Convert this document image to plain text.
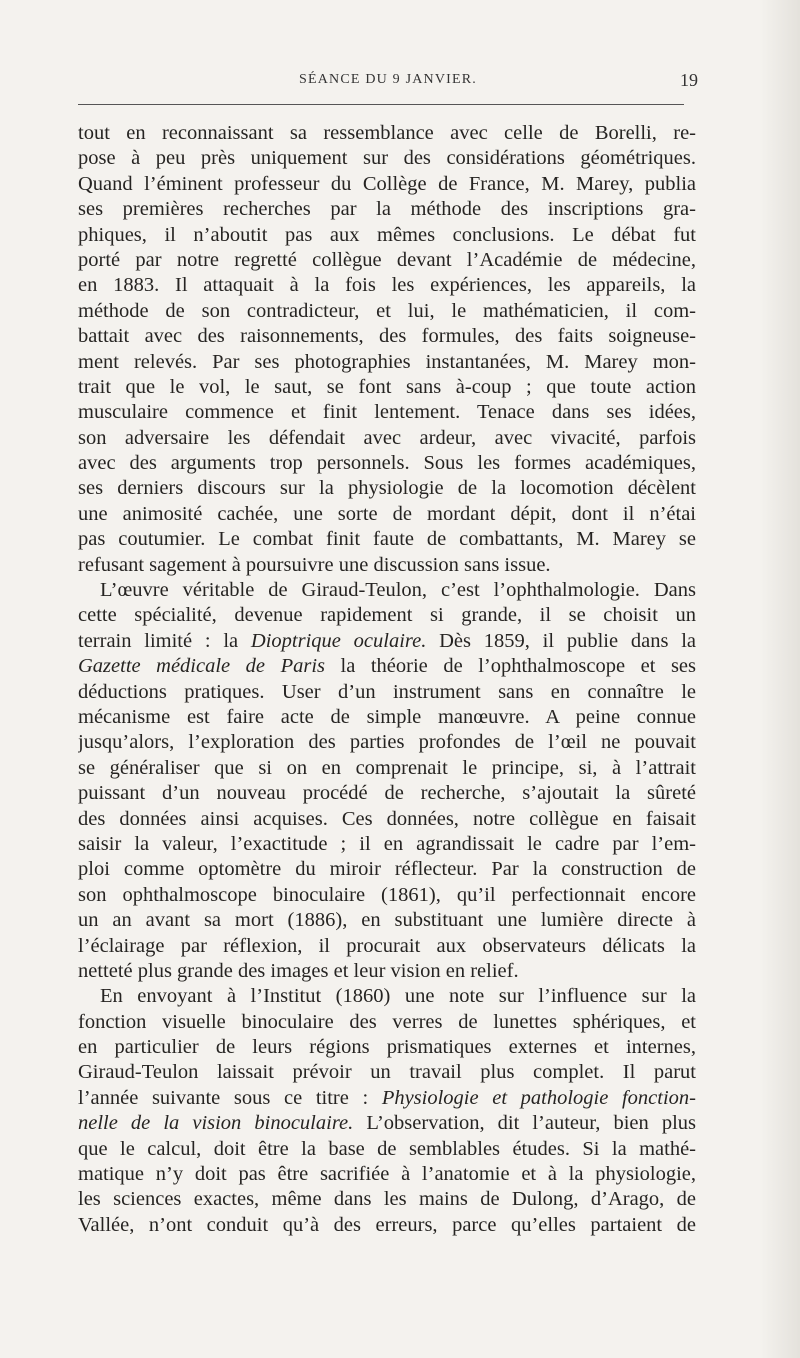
SÉANCE DU 9 JANVIER.	19
tout en reconnaissant sa ressemblance avec celle de Borelli, re-
pose à peu près uniquement sur des considérations géométriques.
Quand l’éminent professeur du Collège de France, M. Marey, publia
ses premières recherches par la méthode des inscriptions gra-
phiques, il n’aboutit pas aux mêmes conclusions. Le débat fut
porté par notre regretté collègue devant l’Académie de médecine,
en 1883. Il attaquait à la fois les expériences, les appareils, la
méthode de son contradicteur, et lui, le mathématicien, il com-
battait avec des raisonnements, des formules, des faits soigneuse-
ment relevés. Par ses photographies instantanées, M. Marey mon-
trait que le vol, le saut, se font sans à-coup ; que toute action
musculaire commence et finit lentement. Tenace dans ses idées,
son adversaire les défendait avec ardeur, avec vivacité, parfois
avec des arguments trop personnels. Sous les formes académiques,
ses derniers discours sur la physiologie de la locomotion décèlent
une animosité cachée, une sorte de mordant dépit, dont il n’étai
pas coutumier. Le combat finit faute de combattants, M. Marey se
refusant sagement à poursuivre une discussion sans issue.
L’œuvre véritable de Giraud-Teulon, c’est l’ophthalmologie. Dans
cette spécialité, devenue rapidement si grande, il se choisit un
terrain limité : la Dioptrique oculaire. Dès 1859, il publie dans la
Gazette médicale de Paris la théorie de l’ophthalmoscope et ses
déductions pratiques. User d’un instrument sans en connaître le
mécanisme est faire acte de simple manœuvre. A peine connue
jusqu’alors, l’exploration des parties profondes de l’œil ne pouvait
se généraliser que si on en comprenait le principe, si, à l’attrait
puissant d’un nouveau procédé de recherche, s’ajoutait la sûreté
des données ainsi acquises. Ces données, notre collègue en faisait
saisir la valeur, l’exactitude ; il en agrandissait le cadre par l’em-
ploi comme optomètre du miroir réflecteur. Par la construction de
son ophthalmoscope binoculaire (1861), qu’il perfectionnait encore
un an avant sa mort (1886), en substituant une lumière directe à
l’éclairage par réflexion, il procurait aux observateurs délicats la
netteté plus grande des images et leur vision en relief.
En envoyant à l’Institut (1860) une note sur l’influence sur la
fonction visuelle binoculaire des verres de lunettes sphériques, et
en particulier de leurs régions prismatiques externes et internes,
Giraud-Teulon laissait prévoir un travail plus complet. Il parut
l’année suivante sous ce titre : Physiologie et pathologie fonction-
nelle de la vision binoculaire. L’observation, dit l’auteur, bien plus
que le calcul, doit être la base de semblables études. Si la mathé-
matique n’y doit pas être sacrifiée à l’anatomie et à la physiologie,
les sciences exactes, même dans les mains de Dulong, d’Arago, de
Vallée, n’ont conduit qu’à des erreurs, parce qu’elles partaient de
